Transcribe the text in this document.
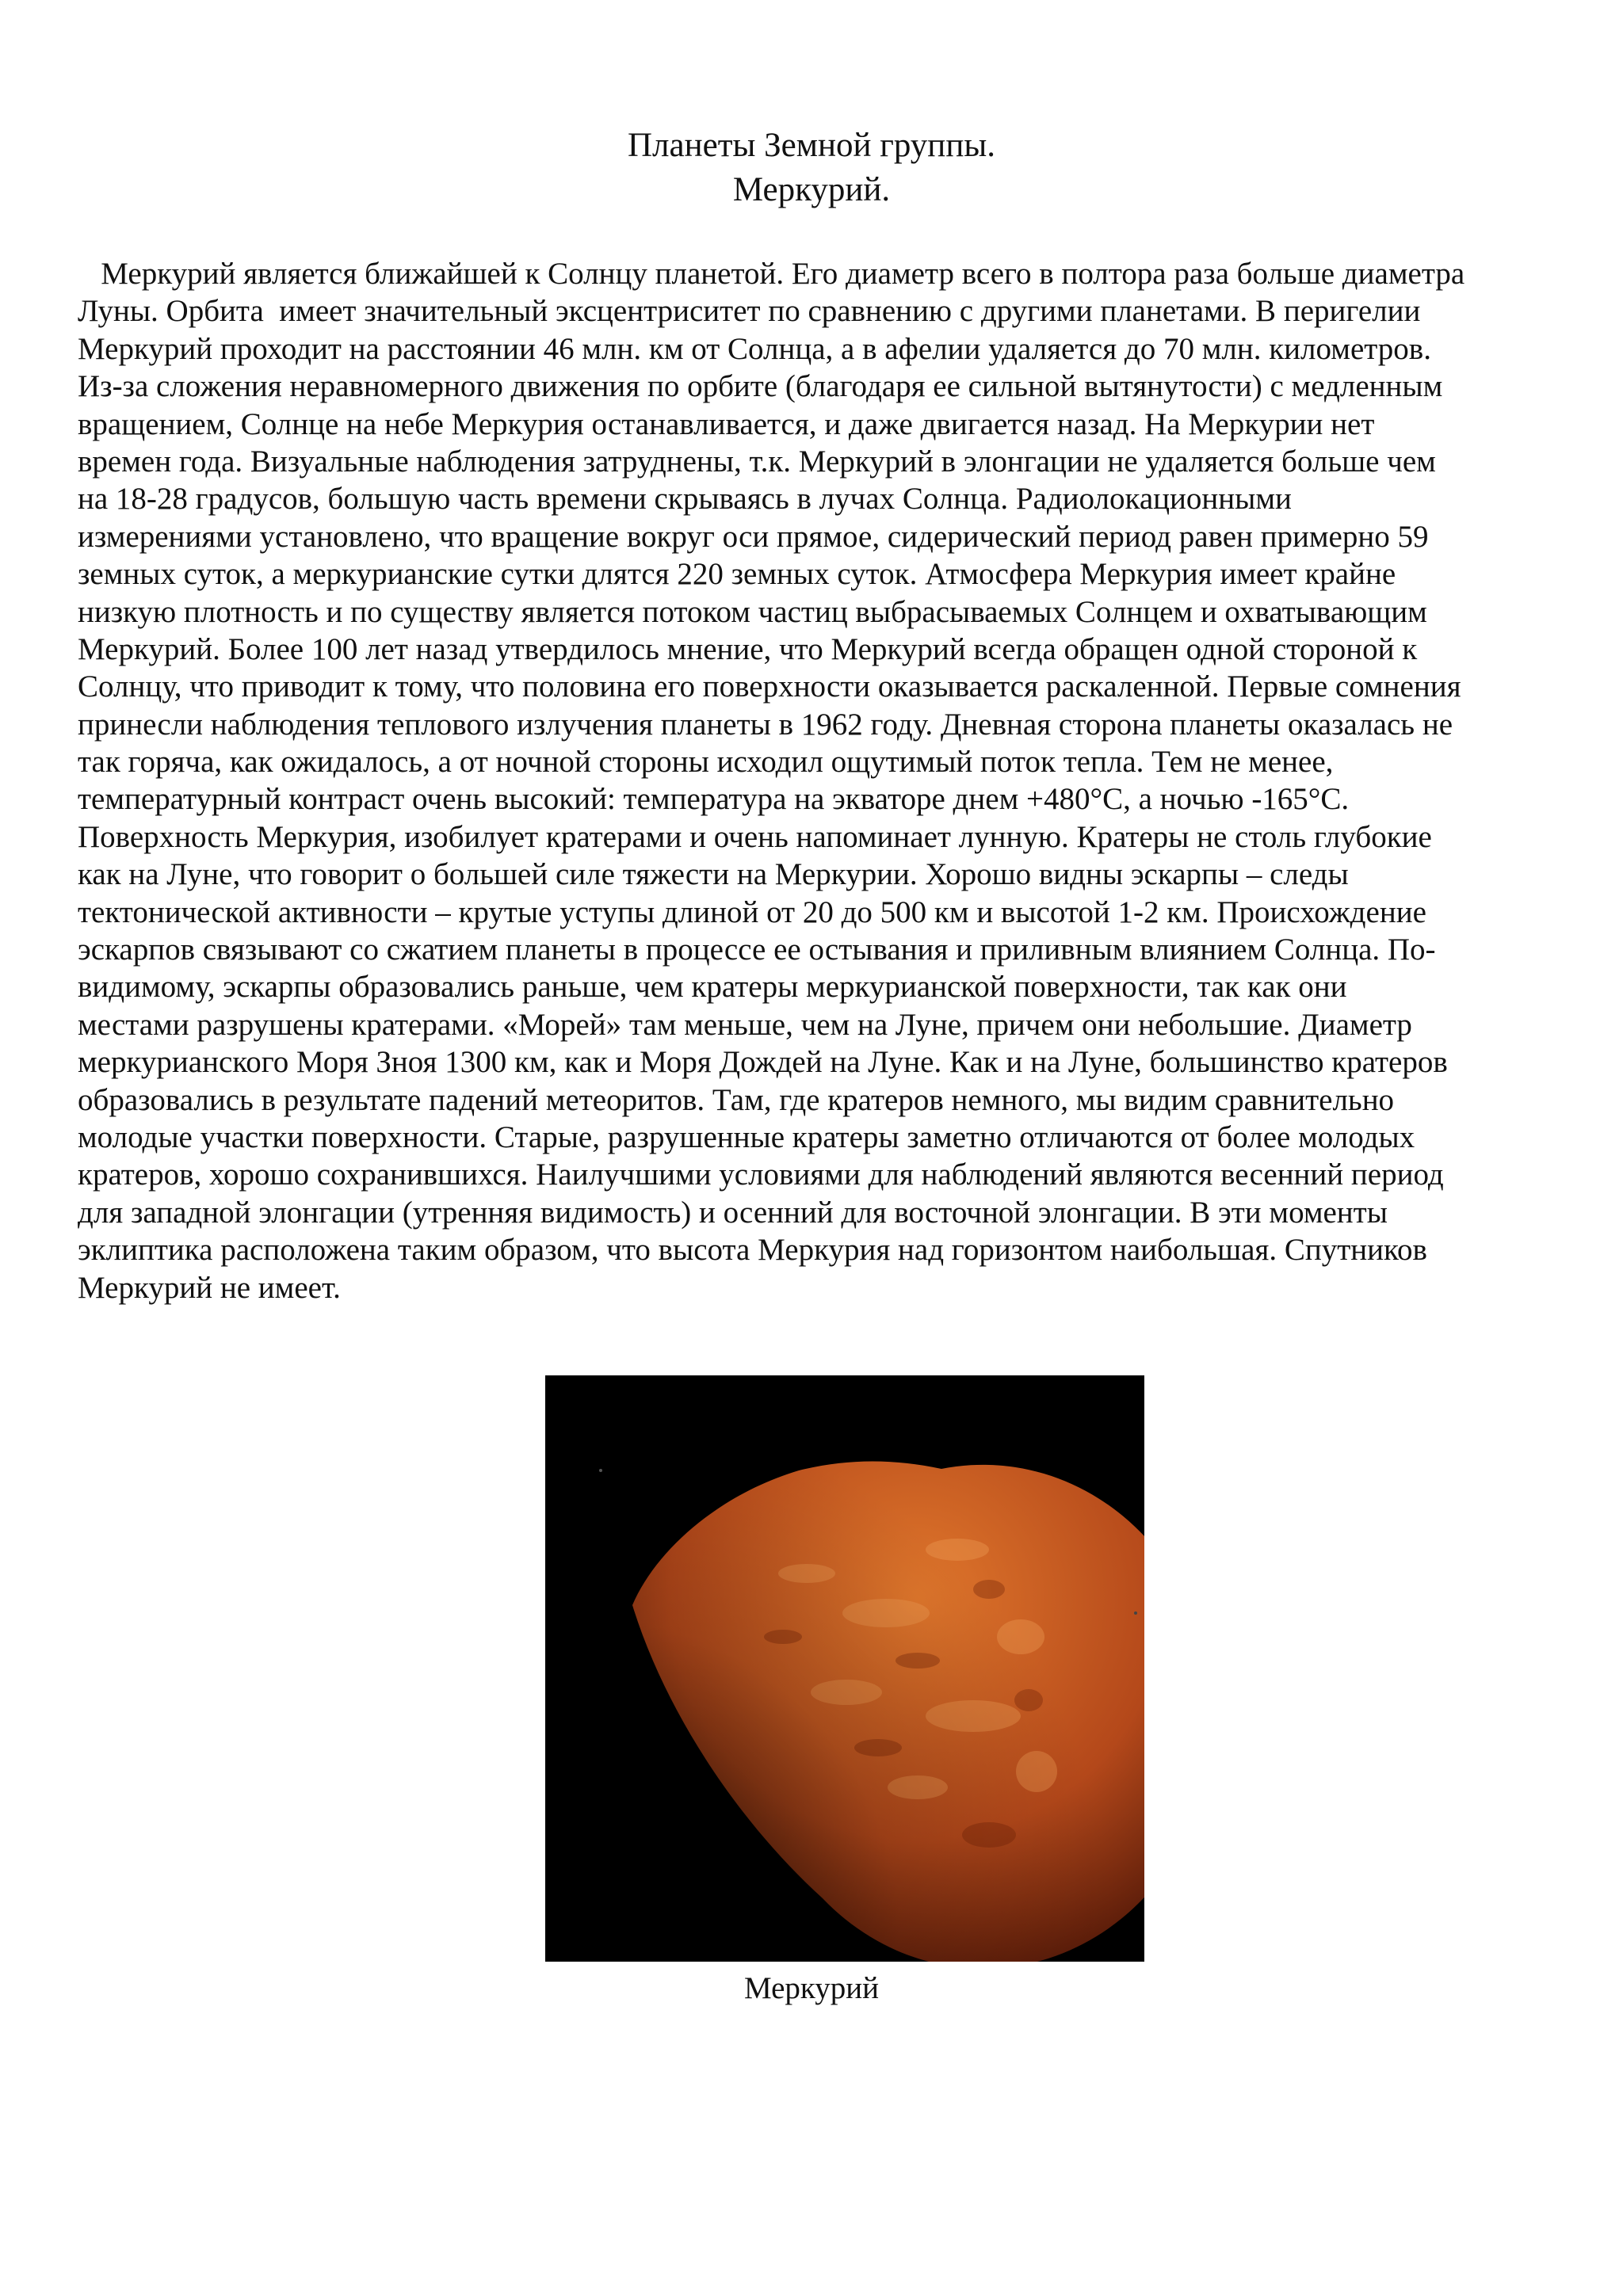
Планеты Земной группы.
Меркурий.
Меркурий является ближайшей к Солнцу планетой. Его диаметр всего в полтора раза больше диаметра
Луны. Орбита  имеет значительный эксцентриситет по сравнению с другими планетами. В перигелии
Меркурий проходит на расстоянии 46 млн. км от Солнца, а в афелии удаляется до 70 млн. километров.
Из-за сложения неравномерного движения по орбите (благодаря ее сильной вытянутости) с медленным
вращением, Солнце на небе Меркурия останавливается, и даже двигается назад. На Меркурии нет
времен года. Визуальные наблюдения затруднены, т.к. Меркурий в элонгации не удаляется больше чем
на 18-28 градусов, большую часть времени скрываясь в лучах Солнца. Радиолокационными
измерениями установлено, что вращение вокруг оси прямое, сидерический период равен примерно 59
земных суток, а меркурианские сутки длятся 220 земных суток. Атмосфера Меркурия имеет крайне
низкую плотность и по существу является потоком частиц выбрасываемых Солнцем и охватывающим
Меркурий. Более 100 лет назад утвердилось мнение, что Меркурий всегда обращен одной стороной к
Солнцу, что приводит к тому, что половина его поверхности оказывается раскаленной. Первые сомнения
принесли наблюдения теплового излучения планеты в 1962 году. Дневная сторона планеты оказалась не
так горяча, как ожидалось, а от ночной стороны исходил ощутимый поток тепла. Тем не менее,
температурный контраст очень высокий: температура на экваторе днем +480°С, а ночью -165°С.
Поверхность Меркурия, изобилует кратерами и очень напоминает лунную. Кратеры не столь глубокие
как на Луне, что говорит о большей силе тяжести на Меркурии. Хорошо видны эскарпы – следы
тектонической активности – крутые уступы длиной от 20 до 500 км и высотой 1-2 км. Происхождение
эскарпов связывают со сжатием планеты в процессе ее остывания и приливным влиянием Солнца. По-
видимому, эскарпы образовались раньше, чем кратеры меркурианской поверхности, так как они
местами разрушены кратерами. «Морей» там меньше, чем на Луне, причем они небольшие. Диаметр
меркурианского Моря Зноя 1300 км, как и Моря Дождей на Луне. Как и на Луне, большинство кратеров
образовались в результате падений метеоритов. Там, где кратеров немного, мы видим сравнительно
молодые участки поверхности. Старые, разрушенные кратеры заметно отличаются от более молодых
кратеров, хорошо сохранившихся. Наилучшими условиями для наблюдений являются весенний период
для западной элонгации (утренняя видимость) и осенний для восточной элонгации. В эти моменты
эклиптика расположена таким образом, что высота Меркурия над горизонтом наибольшая. Спутников
Меркурий не имеет.
Меркурий
